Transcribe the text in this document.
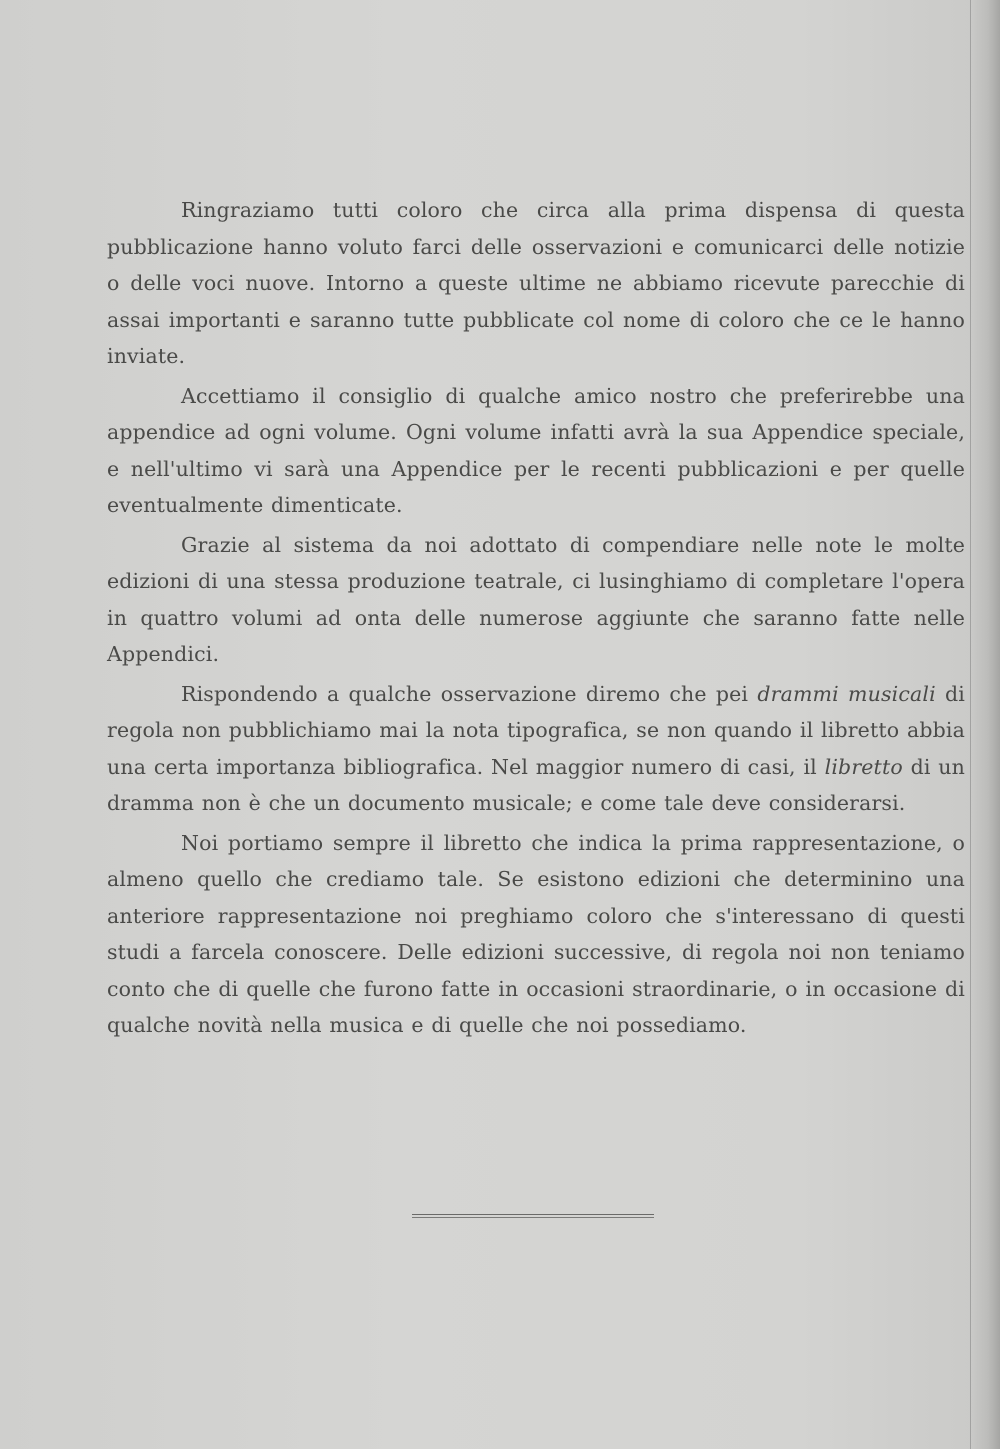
Ringraziamo tutti coloro che circa alla prima dispensa di questa pubblicazione hanno voluto farci delle osservazioni e comunicarci delle notizie o delle voci nuove. Intorno a queste ultime ne abbiamo ricevute parecchie di assai importanti e saranno tutte pubblicate col nome di coloro che ce le hanno inviate.

Accettiamo il consiglio di qualche amico nostro che preferirebbe una appendice ad ogni volume. Ogni volume infatti avrà la sua Appendice speciale, e nell'ultimo vi sarà una Appendice per le recenti pubblicazioni e per quelle eventualmente dimenticate.

Grazie al sistema da noi adottato di compendiare nelle note le molte edizioni di una stessa produzione teatrale, ci lusinghiamo di completare l'opera in quattro volumi ad onta delle numerose aggiunte che saranno fatte nelle Appendici.

Rispondendo a qualche osservazione diremo che pei drammi musicali di regola non pubblichiamo mai la nota tipografica, se non quando il libretto abbia una certa importanza bibliografica. Nel maggior numero di casi, il libretto di un dramma non è che un documento musicale; e come tale deve considerarsi.

Noi portiamo sempre il libretto che indica la prima rappresentazione, o almeno quello che crediamo tale. Se esistono edizioni che determinino una anteriore rappresentazione noi preghiamo coloro che s'interessano di questi studi a farcela conoscere. Delle edizioni successive, di regola noi non teniamo conto che di quelle che furono fatte in occasioni straordinarie, o in occasione di qualche novità nella musica e di quelle che noi possediamo.
